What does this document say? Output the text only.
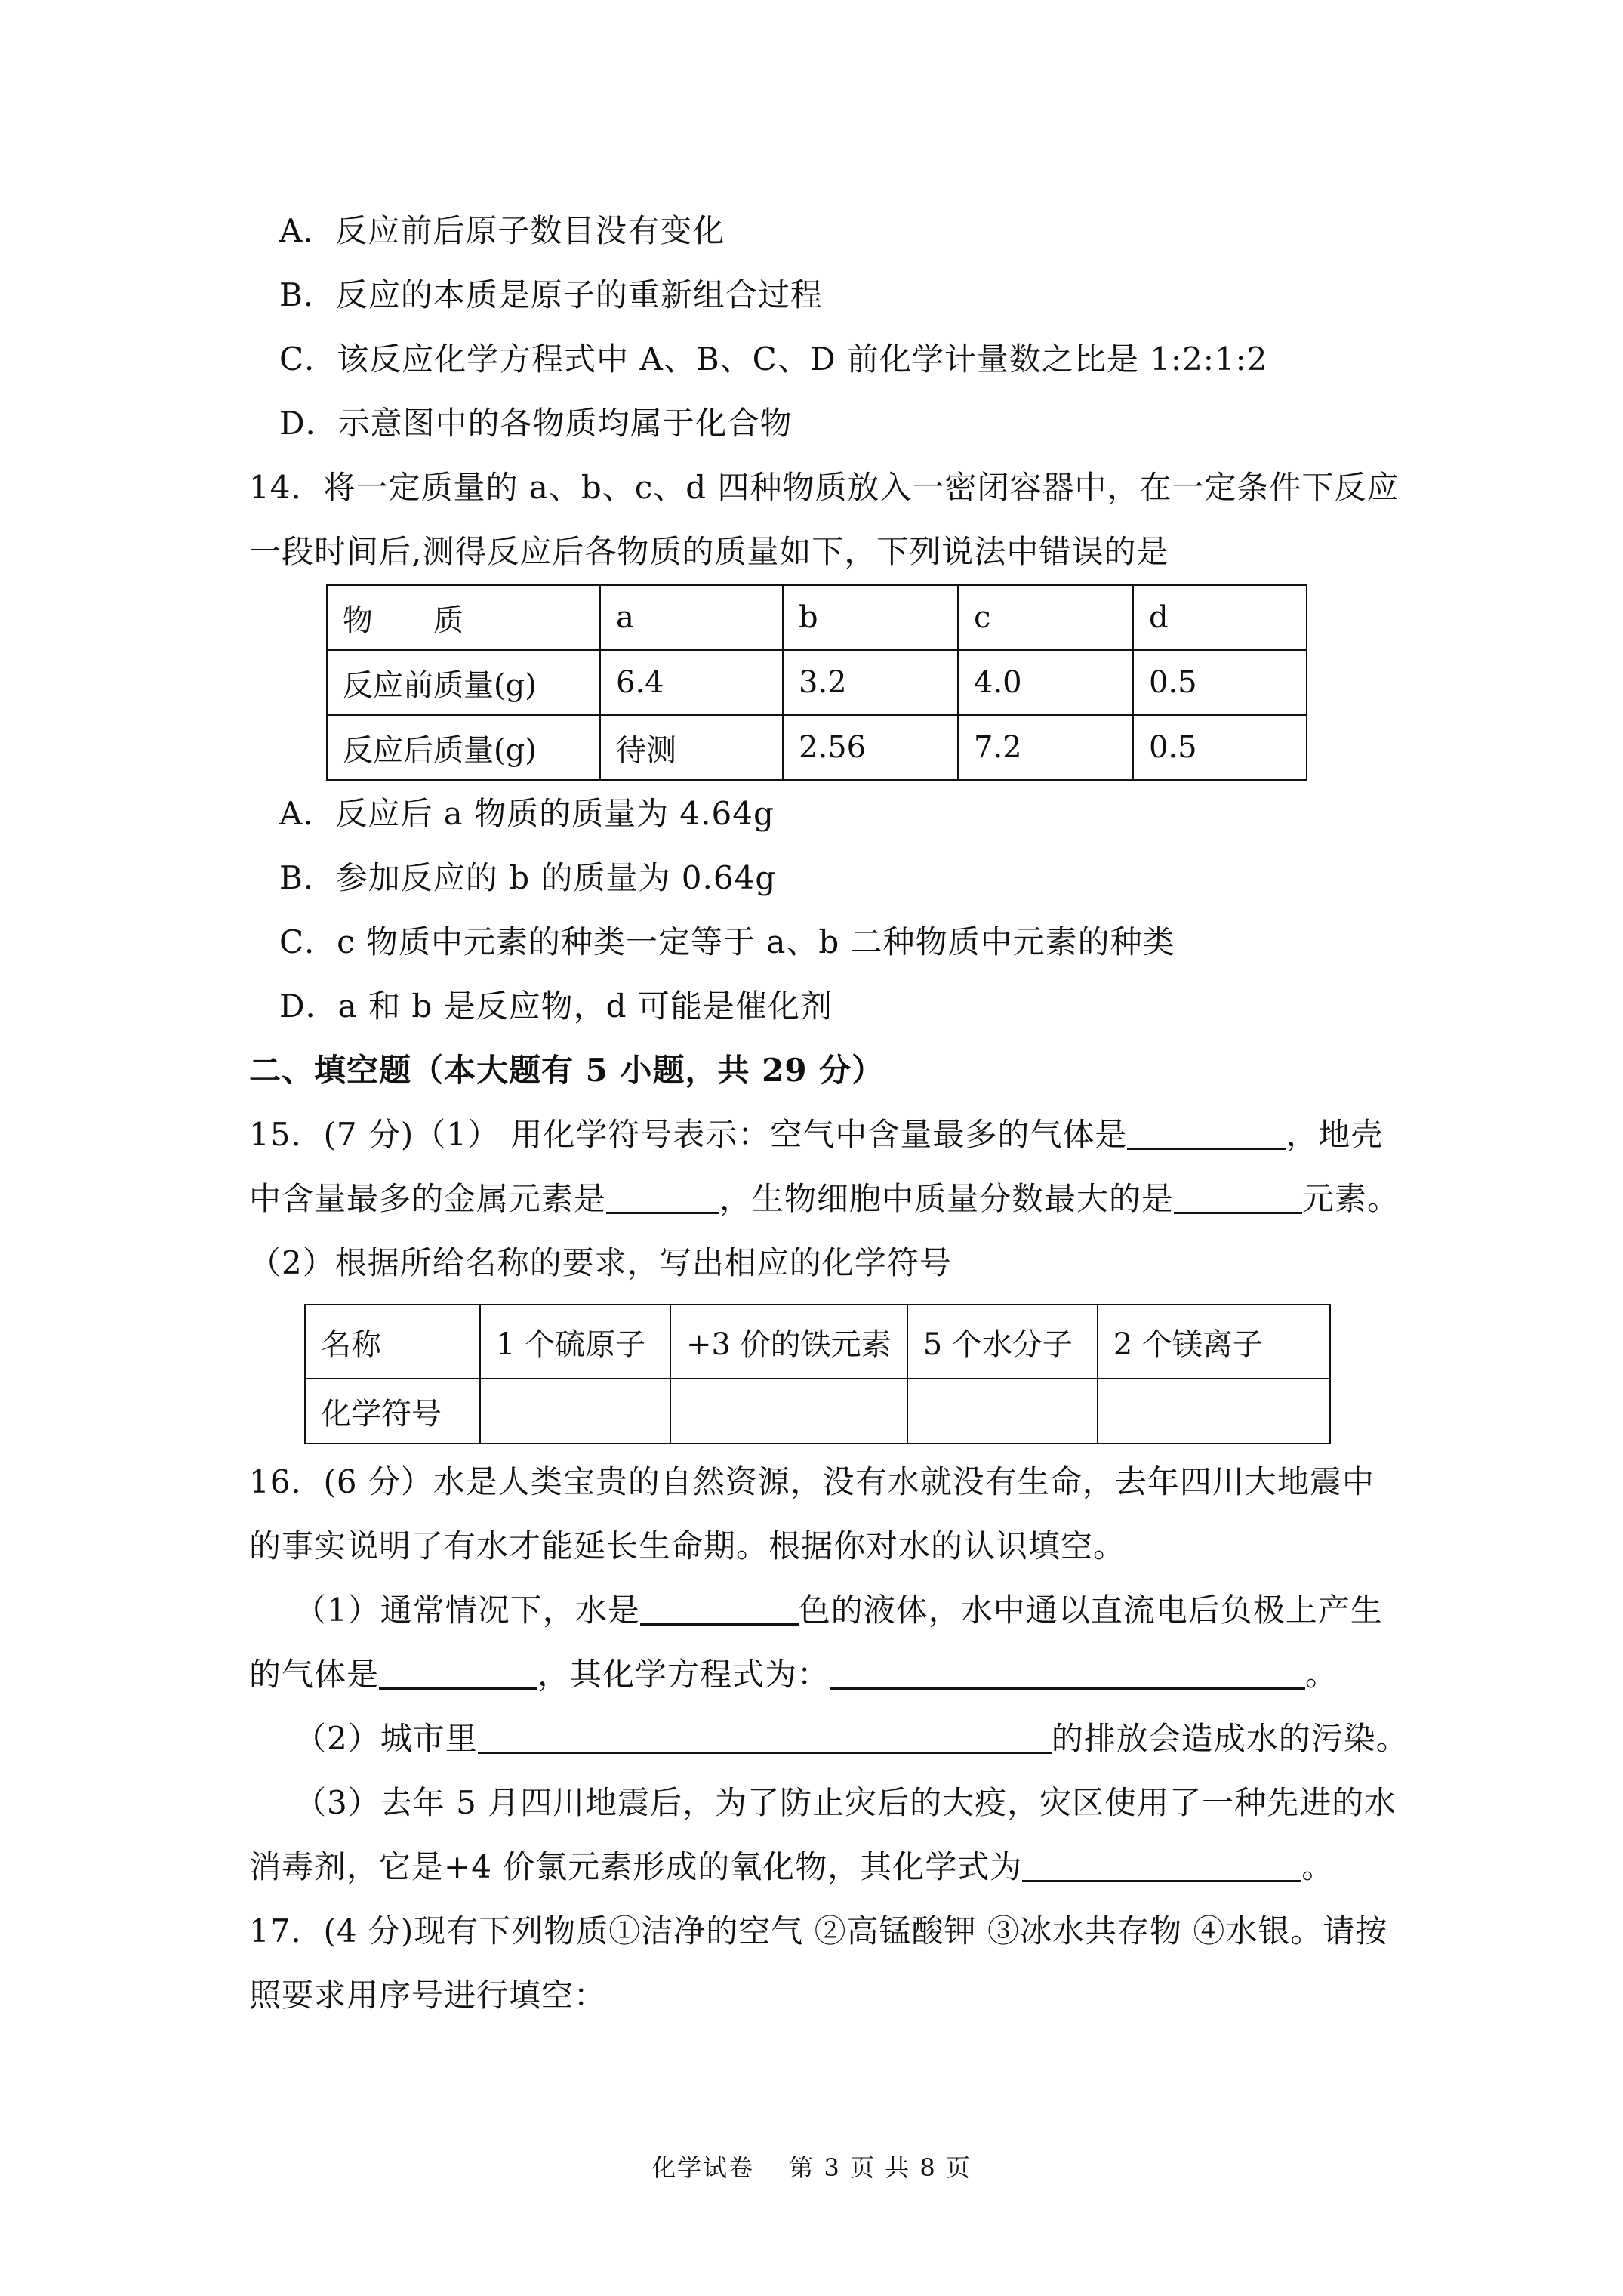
A．反应前后原子数目没有变化
B．反应的本质是原子的重新组合过程
C．该反应化学方程式中 A、B、C、D 前化学计量数之比是 1:2:1:2
D．示意图中的各物质均属于化合物
14．将一定质量的 a、b、c、d 四种物质放入一密闭容器中，在一定条件下反应
一段时间后,测得反应后各物质的质量如下，下列说法中错误的是
物　　质	a	b	c	d
反应前质量(g)	6.4	3.2	4.0	0.5
反应后质量(g)	待测	2.56	7.2	0.5
A．反应后 a 物质的质量为 4.64g
B．参加反应的 b 的质量为 0.64g
C．c 物质中元素的种类一定等于 a、b 二种物质中元素的种类
D．a 和 b 是反应物，d 可能是催化剂
二、填空题（本大题有 5 小题，共 29 分）
15．(7 分)（1） 用化学符号表示：空气中含量最多的气体是	，地壳
中含量最多的金属元素是	，生物细胞中质量分数最大的是	元素。
（2）根据所给名称的要求，写出相应的化学符号
名称	1 个硫原子	+3 价的铁元素	5 个水分子	2 个镁离子
化学符号				
16．(6 分）水是人类宝贵的自然资源，没有水就没有生命，去年四川大地震中
的事实说明了有水才能延长生命期。根据你对水的认识填空。
（1）通常情况下，水是	色的液体，水中通以直流电后负极上产生
的气体是	，其化学方程式为：	。
（2）城市里	的排放会造成水的污染。
（3）去年 5 月四川地震后，为了防止灾后的大疫，灾区使用了一种先进的水
消毒剂，它是+4 价氯元素形成的氧化物，其化学式为	。
17．(4 分)现有下列物质①洁净的空气 ②高锰酸钾 ③冰水共存物 ④水银。请按
照要求用序号进行填空：
化学试卷　 第 3 页 共 8 页
